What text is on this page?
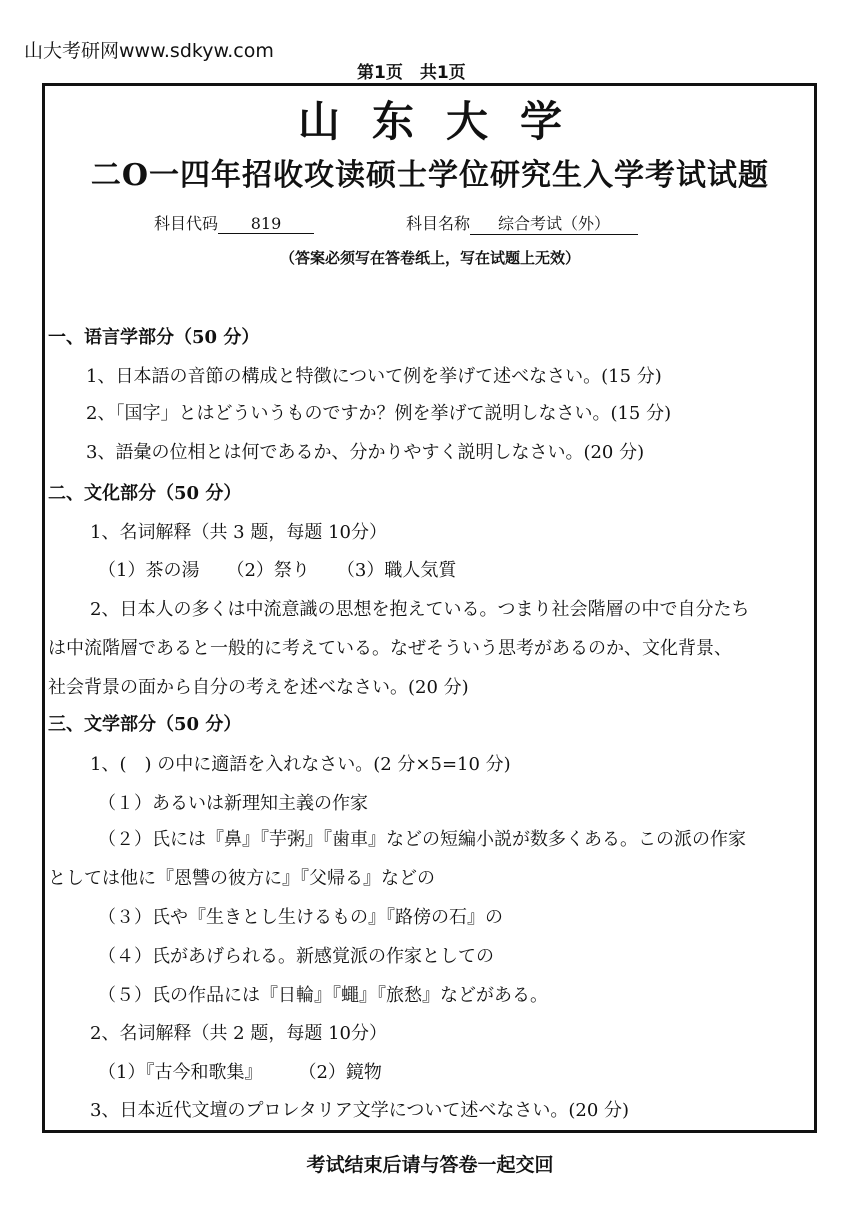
山大考研网www.sdkyw.com
第1页　共1页
山东大学
二O一四年招收攻读硕士学位研究生入学考试试题
科目代码 819	科目名称 综合考试（外）
（答案必须写在答卷纸上，写在试题上无效）
一、语言学部分（50 分）
1、日本語の音節の構成と特徴について例を挙げて述べなさい。(15 分)
2、「国字」とはどういうものですか？例を挙げて説明しなさい。(15 分)
3、語彙の位相とは何であるか、分かりやすく説明しなさい。(20 分)
二、文化部分（50 分）
1、名词解释（共 3 题，每题 10分）
（1）茶の湯　　（2）祭り　　（3）職人気質
2、日本人の多くは中流意識の思想を抱えている。つまり社会階層の中で自分たち
は中流階層であると一般的に考えている。なぜそういう思考があるのか、文化背景、
社会背景の面から自分の考えを述べなさい。(20 分)
三、文学部分（50 分）
1、(　) の中に適語を入れなさい。(2 分×5=10 分)
（１）あるいは新理知主義の作家
（２）氏には『鼻』『芋粥』『歯車』などの短編小説が数多くある。この派の作家
としては他に『恩讐の彼方に』『父帰る』などの
（３）氏や『生きとし生けるもの』『路傍の石』の
（４）氏があげられる。新感覚派の作家としての
（５）氏の作品には『日輪』『蠅』『旅愁』などがある。
2、名词解释（共 2 题，每题 10分）
（1）『古今和歌集』　　　（2）鏡物
3、日本近代文壇のプロレタリア文学について述べなさい。(20 分)
考试结束后请与答卷一起交回
